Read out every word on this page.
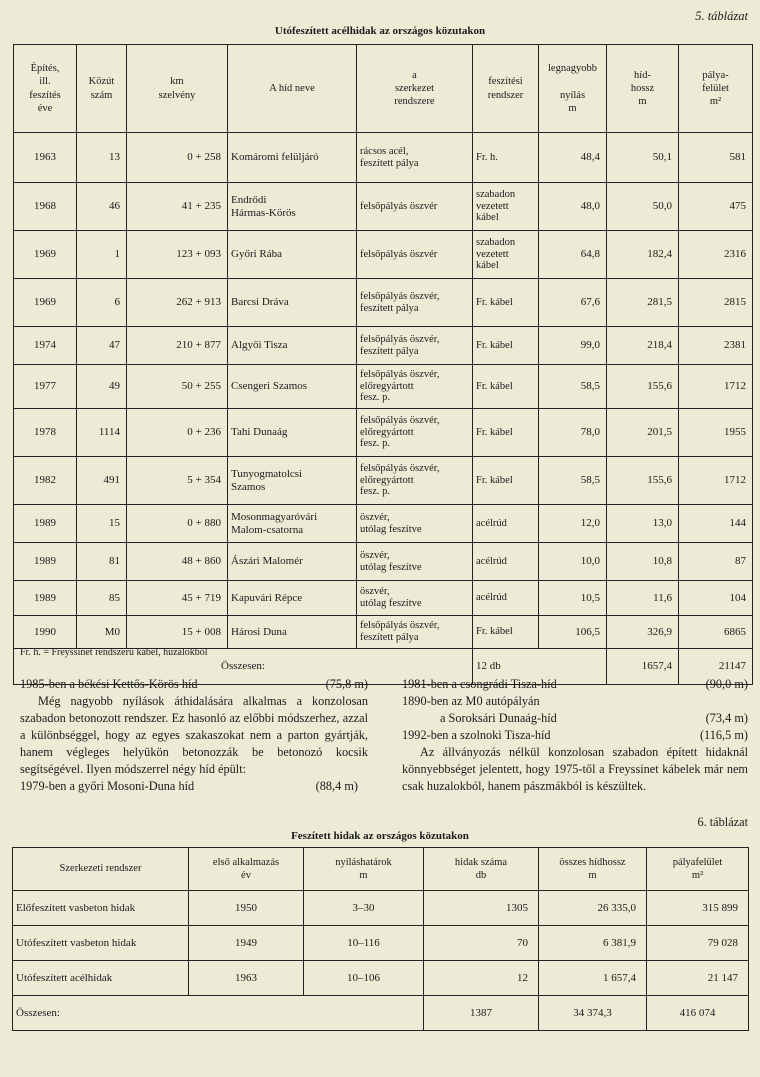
5. táblázat
Utófeszített acélhidak az országos közutakon
Építés,
ill.
feszítés
éve	Közút
szám	km
szelvény	A híd neve	a
szerkezet
rendszere	feszítési
rendszer	legnagyobb

nyílás
m	híd-
hossz
m	pálya-
felület
m²
1963	13	0 + 258	Komáromi felüljáró	rácsos acél,
feszített pálya	Fr. h.	48,4	50,1	581
1968	46	41 + 235	Endrődi
Hármas-Körös	felsőpályás öszvér	szabadon
vezetett
kábel	48,0	50,0	475
1969	1	123 + 093	Győri Rába	felsőpályás öszvér	szabadon
vezetett
kábel	64,8	182,4	2316
1969	6	262 + 913	Barcsi Dráva	felsőpályás öszvér,
feszített pálya	Fr. kábel	67,6	281,5	2815
1974	47	210 + 877	Algyői Tisza	felsőpályás öszvér,
feszített pálya	Fr. kábel	99,0	218,4	2381
1977	49	50 + 255	Csengeri Szamos	felsőpályás öszvér,
előregyártott
fesz. p.	Fr. kábel	58,5	155,6	1712
1978	1114	0 + 236	Tahi Dunaág	felsőpályás öszvér,
előregyártott
fesz. p.	Fr. kábel	78,0	201,5	1955
1982	491	5 + 354	Tunyogmatolcsi
Szamos	felsőpályás öszvér,
előregyártott
fesz. p.	Fr. kábel	58,5	155,6	1712
1989	15	0 + 880	Mosonmagyaróvári
Malom-csatorna	öszvér,
utólag feszítve	acélrúd	12,0	13,0	144
1989	81	48 + 860	Ászári Malomér	öszvér,
utólag feszítve	acélrúd	10,0	10,8	87
1989	85	45 + 719	Kapuvári Répce	öszvér,
utólag feszítve	acélrúd	10,5	11,6	104
1990	M0	15 + 008	Hárosi Duna	felsőpályás öszvér,
feszített pálya	Fr. kábel	106,5	326,9	6865
Összesen:					12 db		1657,4	21147
Fr. h. = Freyssinet rendszerű kábel, huzalokból
1985-ben a békési Kettős-Körös híd	(75,8 m)

Még nagyobb nyílások áthidalására alkalmas a konzolosan szabadon betonozott rendszer. Ez hasonló az előbbi módszerhez, azzal a különbséggel, hogy az egyes szakaszokat nem a parton gyártják, hanem végleges helyükön betonozzák be betonozó kocsik segítségével. Ilyen módszerrel négy híd épült:

1979-ben a győri Mosoni-Duna híd	(88,4 m)
1981-ben a csongrádi Tisza-híd	(90,0 m)
1890-ben az M0 autópályán
a Soroksári Dunaág-híd	(73,4 m)
1992-ben a szolnoki Tisza-híd	(116,5 m)

Az állványozás nélkül konzolosan szabadon épített hidaknál könnyebbséget jelentett, hogy 1975-től a Freyssinet kábelek már nem csak huzalokból, hanem pászmákból is készültek.

6. táblázat
Feszített hidak az országos közutakon
Szerkezeti rendszer	első alkalmazás
év	nyíláshatárok
m	hidak száma
db	összes hídhossz
m	pályafelület
m²
Előfeszített vasbeton hidak	1950	3–30	1305	26 335,0	315 899
Utófeszített vasbeton hidak	1949	10–116	70	6 381,9	79 028
Utófeszített acélhidak	1963	10–106	12	1 657,4	21 147
Összesen:			1387	34 374,3	416 074
